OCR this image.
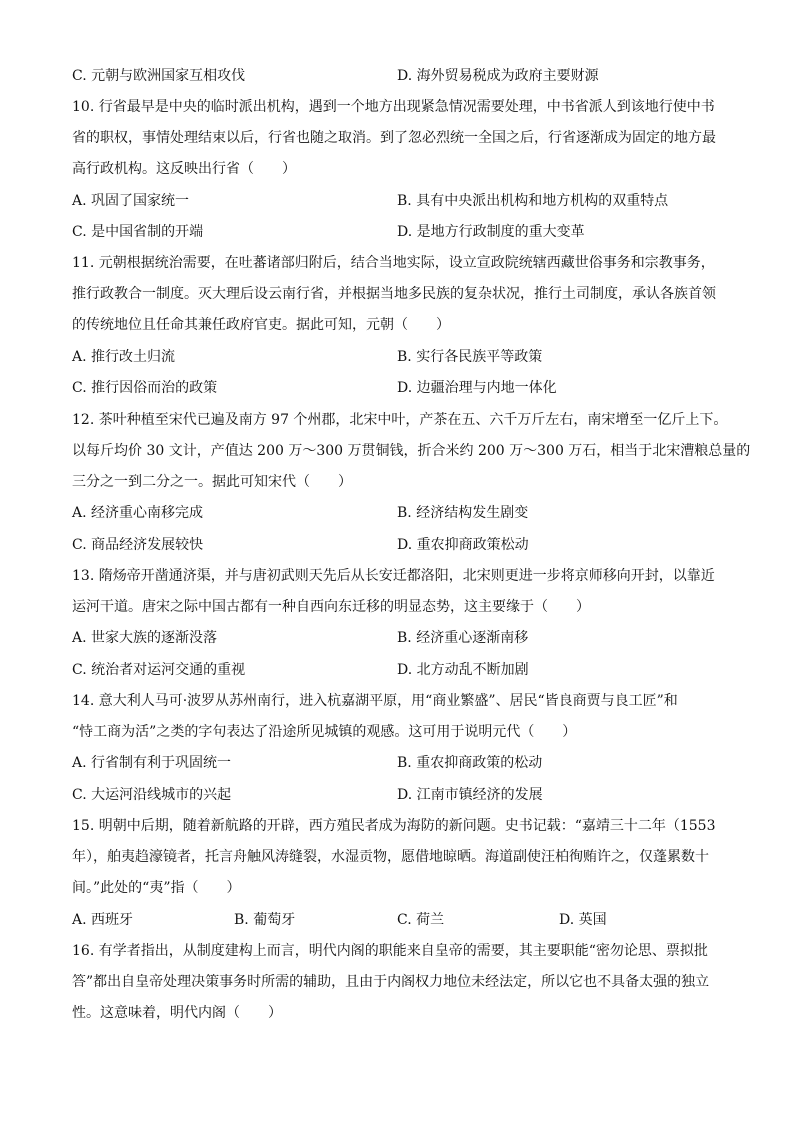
C. 元朝与欧洲国家互相攻伐	D. 海外贸易税成为政府主要财源
10. 行省最早是中央的临时派出机构，遇到一个地方出现紧急情况需要处理，中书省派人到该地行使中书
省的职权，事情处理结束以后，行省也随之取消。到了忽必烈统一全国之后，行省逐渐成为固定的地方最
高行政机构。这反映出行省（　　）
A. 巩固了国家统一	B. 具有中央派出机构和地方机构的双重特点
C. 是中国省制的开端	D. 是地方行政制度的重大变革
11. 元朝根据统治需要，在吐蕃诸部归附后，结合当地实际，设立宣政院统辖西藏世俗事务和宗教事务，
推行政教合一制度。灭大理后设云南行省，并根据当地多民族的复杂状况，推行土司制度，承认各族首领
的传统地位且任命其兼任政府官吏。据此可知，元朝（　　）
A. 推行改土归流	B. 实行各民族平等政策
C. 推行因俗而治的政策	D. 边疆治理与内地一体化
12. 茶叶种植至宋代已遍及南方 97 个州郡，北宋中叶，产茶在五、六千万斤左右，南宋增至一亿斤上下。
以每斤均价 30 文计，产值达 200 万～300 万贯铜钱，折合米约 200 万～300 万石，相当于北宋漕粮总量的
三分之一到二分之一。据此可知宋代（　　）
A. 经济重心南移完成	B. 经济结构发生剧变
C. 商品经济发展较快	D. 重农抑商政策松动
13. 隋炀帝开凿通济渠，并与唐初武则天先后从长安迁都洛阳，北宋则更进一步将京师移向开封，以靠近
运河干道。唐宋之际中国古都有一种自西向东迁移的明显态势，这主要缘于（　　）
A. 世家大族的逐渐没落	B. 经济重心逐渐南移
C. 统治者对运河交通的重视	D. 北方动乱不断加剧
14. 意大利人马可·波罗从苏州南行，进入杭嘉湖平原，用“商业繁盛”、居民“皆良商贾与良工匠”和
“恃工商为活”之类的字句表达了沿途所见城镇的观感。这可用于说明元代（　　）
A. 行省制有利于巩固统一	B. 重农抑商政策的松动
C. 大运河沿线城市的兴起	D. 江南市镇经济的发展
15. 明朝中后期，随着新航路的开辟，西方殖民者成为海防的新问题。史书记载：“嘉靖三十二年（1553
年），舶夷趋濠镜者，托言舟触风涛缝裂，水湿贡物，愿借地晾晒。海道副使汪柏徇贿许之，仅蓬累数十
间。”此处的“夷”指（　　）
A. 西班牙	B. 葡萄牙	C. 荷兰	D. 英国
16. 有学者指出，从制度建构上而言，明代内阁的职能来自皇帝的需要，其主要职能“密勿论思、票拟批
答”都出自皇帝处理决策事务时所需的辅助，且由于内阁权力地位未经法定，所以它也不具备太强的独立
性。这意味着，明代内阁（　　）
